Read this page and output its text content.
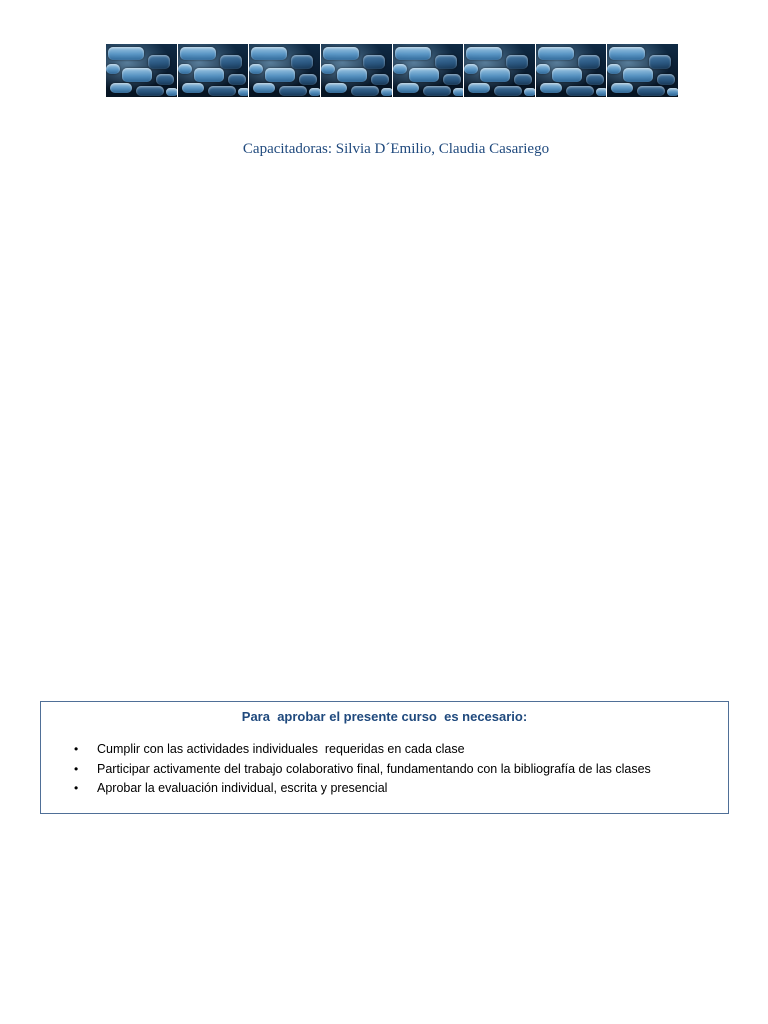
Capacitadoras: Silvia D´Emilio, Claudia Casariego

Para  aprobar el presente curso  es necesario:

•

Cumplir con las actividades individuales  requeridas en cada clase

•

Participar activamente del trabajo colaborativo final, fundamentando con la bibliografía de las clases

•

Aprobar la evaluación individual, escrita y presencial
